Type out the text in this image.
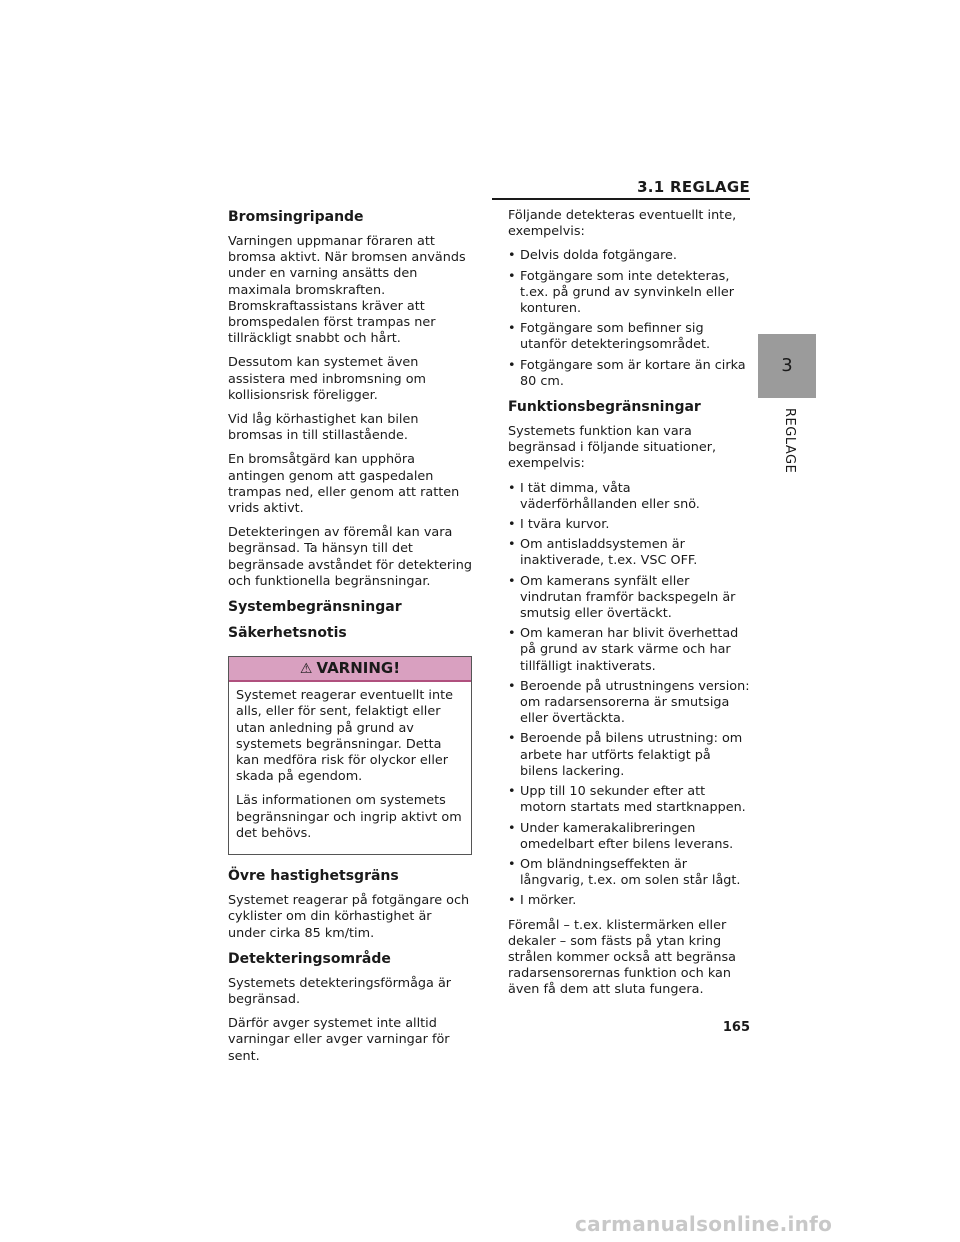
3.1 REGLAGE
Bromsingripande

Varningen uppmanar föraren att bromsa aktivt. När bromsen används under en varning ansätts den maximala bromskraften. Bromskraftassistans kräver att bromspedalen först trampas ner tillräckligt snabbt och hårt.

Dessutom kan systemet även assistera med inbromsning om kollisionsrisk föreligger.

Vid låg körhastighet kan bilen bromsas in till stillastående.

En bromsåtgärd kan upphöra antingen genom att gaspedalen trampas ned, eller genom att ratten vrids aktivt.

Detekteringen av föremål kan vara begränsad. Ta hänsyn till det begränsade avståndet för detektering och funktionella begränsningar.

Systembegränsningar
Säkerhetsnotis
⚠ VARNING!

Systemet reagerar eventuellt inte alls, eller för sent, felaktigt eller utan anledning på grund av systemets begränsningar. Detta kan medföra risk för olyckor eller skada på egendom.

Läs informationen om systemets begränsningar och ingrip aktivt om det behövs.

Övre hastighetsgräns

Systemet reagerar på fotgängare och cyklister om din körhastighet är under cirka 85 km/tim.

Detekteringsområde

Systemets detekteringsförmåga är begränsad.

Därför avger systemet inte alltid varningar eller avger varningar för sent.

Följande detekteras eventuellt inte, exempelvis:

• Delvis dolda fotgängare.
• Fotgängare som inte detekteras, t.ex. på grund av synvinkeln eller konturen.
• Fotgängare som befinner sig utanför detekteringsområdet.
• Fotgängare som är kortare än cirka 80 cm.
Funktionsbegränsningar

Systemets funktion kan vara begränsad i följande situationer, exempelvis:

• I tät dimma, våta väderförhållanden eller snö.
• I tvära kurvor.
• Om antisladdsystemen är inaktiverade, t.ex. VSC OFF.
• Om kamerans synfält eller vindrutan framför backspegeln är smutsig eller övertäckt.
• Om kameran har blivit överhettad på grund av stark värme och har tillfälligt inaktiverats.
• Beroende på utrustningens version: om radarsensorerna är smutsiga eller övertäckta.
• Beroende på bilens utrustning: om arbete har utförts felaktigt på bilens lackering.
• Upp till 10 sekunder efter att motorn startats med startknappen.
• Under kamerakalibreringen omedelbart efter bilens leverans.
• Om bländningseffekten är långvarig, t.ex. om solen står lågt.
• I mörker.

Föremål – t.ex. klistermärken eller dekaler – som fästs på ytan kring strålen kommer också att begränsa radarsensorernas funktion och kan även få dem att sluta fungera.

3
REGLAGE
165
carmanualsonline.info
